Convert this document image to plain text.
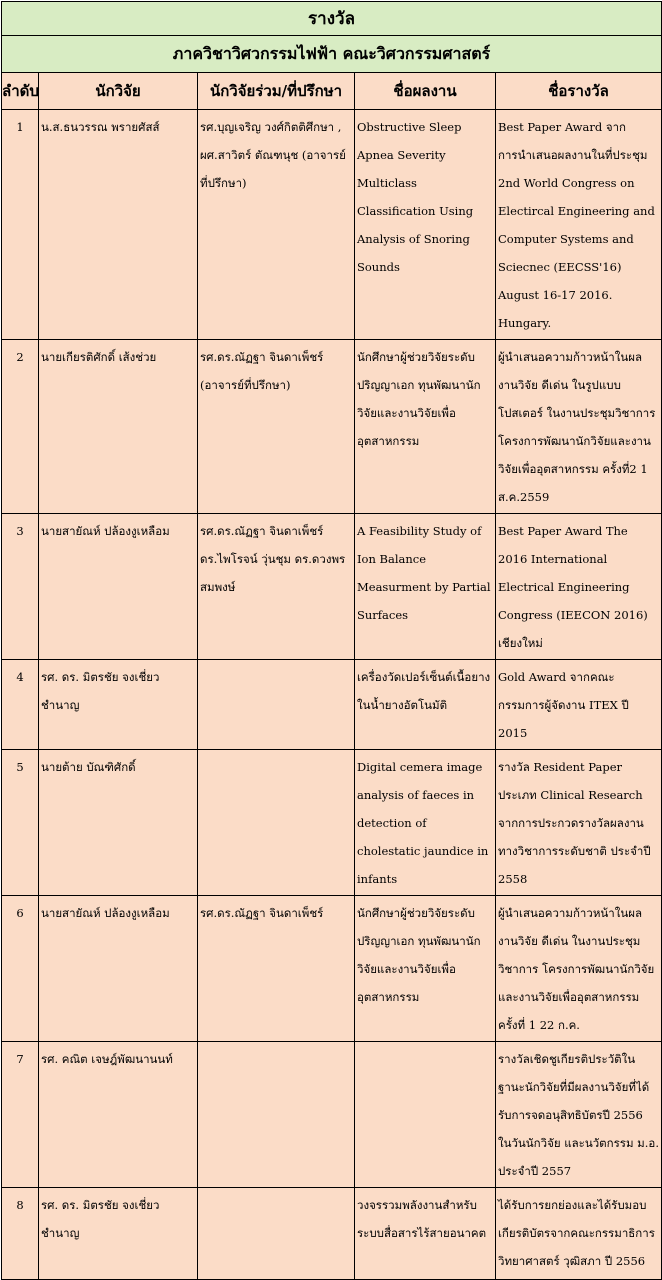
รางวัล				
ภาควิชาวิศวกรรมไฟฟ้า คณะวิศวกรรมศาสตร์				
ลำดับ	นักวิจัย	นักวิจัยร่วม/ที่ปรึกษา	ชื่อผลงาน	ชื่อรางวัล
1	น.ส.ธนวรรณ พรายศัสส์	รศ.บุญเจริญ วงศ์กิตติศึกษา , ผศ.สาวิตร์ ตัณฑนุช (อาจารย์ที่ปรึกษา)	Obstructive Sleep Apnea Severity Multiclass Classification Using Analysis of Snoring Sounds	Best Paper Award จากการนำเสนอผลงานในที่ประชุม 2nd World Congress on Electircal Engineering and Computer Systems and Sciecnec (EECSS'16) August 16-17 2016. Hungary.
2	นายเกียรติศักดิ์ เส้งช่วย	รศ.ดร.ณัฏฐา จินดาเพ็ชร์ (อาจารย์ที่ปรึกษา)	นักศึกษาผู้ช่วยวิจัยระดับปริญญาเอก ทุนพัฒนานักวิจัยและงานวิจัยเพื่ออุตสาหกรรม	ผู้นำเสนอความก้าวหน้าในผลงานวิจัย ดีเด่น ในรูปแบบโปสเตอร์ ในงานประชุมวิชาการ โครงการพัฒนานักวิจัยและงานวิจัยเพื่ออุตสาหกรรม ครั้งที่2 1 ส.ค.2559
3	นายสายัณห์ ปล้องงูเหลือม	รศ.ดร.ณัฏฐา จินดาเพ็ชร์ ดร.ไพโรจน์ วุ่นชุม ดร.ดวงพร สมพงษ์	A Feasibility Study of Ion Balance Measurment by Partial Surfaces	Best Paper Award The 2016 International Electrical Engineering Congress (IEECON 2016) เชียงใหม่
4	รศ. ดร. มิตรชัย จงเชี่ยวชำนาญ		เครื่องวัดเปอร์เซ็นต์เนื้อยางในน้ำยางอัตโนมัติ	Gold Award จากคณะกรรมการผู้จัดงาน ITEX ปี 2015
5	นายต้าย บัณฑิศักดิ์		Digital cemera image analysis of faeces in detection of cholestatic jaundice in infants	รางวัล Resident Paper ประเภท Clinical Research จากการประกวดรางวัลผลงานทางวิชาการระดับชาติ ประจำปี 2558
6	นายสายัณห์ ปล้องงูเหลือม	รศ.ดร.ณัฏฐา จินดาเพ็ชร์	นักศึกษาผู้ช่วยวิจัยระดับปริญญาเอก ทุนพัฒนานักวิจัยและงานวิจัยเพื่ออุตสาหกรรม	ผู้นำเสนอความก้าวหน้าในผลงานวิจัย ดีเด่น ในงานประชุมวิชาการ โครงการพัฒนานักวิจัยและงานวิจัยเพื่ออุตสาหกรรม ครั้งที่ 1 22 ก.ค.
7	รศ. คณิต เจษฎ์พัฒนานนท์			รางวัลเชิดชูเกียรติประวัติในฐานะนักวิจัยที่มีผลงานวิจัยที่ได้รับการจดอนุสิทธิบัตรปี 2556 ในวันนักวิจัย และนวัตกรรม ม.อ. ประจำปี 2557
8	รศ. ดร. มิตรชัย จงเชี่ยวชำนาญ		วงจรรวมพลังงานสำหรับระบบสื่อสารไร้สายอนาคต	ได้รับการยกย่องและได้รับมอบเกียรติบัตรจากคณะกรรมาธิการวิทยาศาสตร์ วุฒิสภา ปี 2556
